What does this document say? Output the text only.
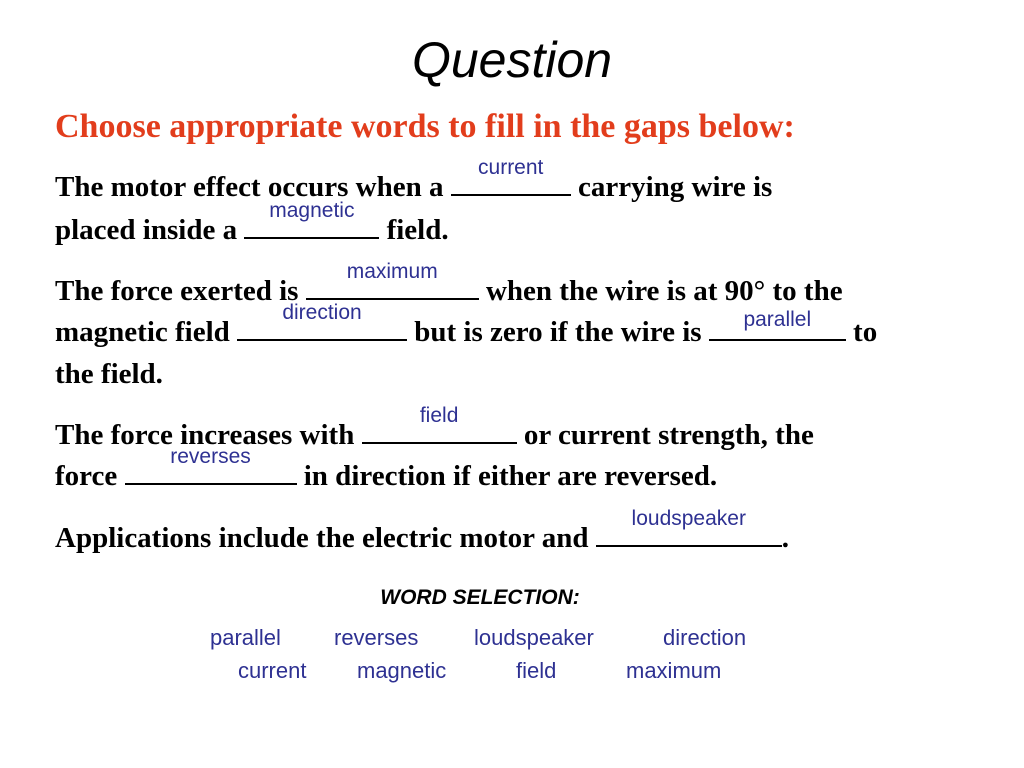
Question
Choose appropriate words to fill in the gaps below:
The motor effect occurs when a
current
carrying wire is
placed inside a
magnetic
field.
The force exerted is
maximum
when the wire is at 90° to the
magnetic field
direction
but is zero if the wire is	parallel	to
the field.
The force increases with
field
or current strength, the
force
reverses
in direction if either are reversed.
Applications include the electric motor and
loudspeaker
.
WORD SELECTION:
parallel reverses	loudspeaker	direction
current magnetic	field	maximum
